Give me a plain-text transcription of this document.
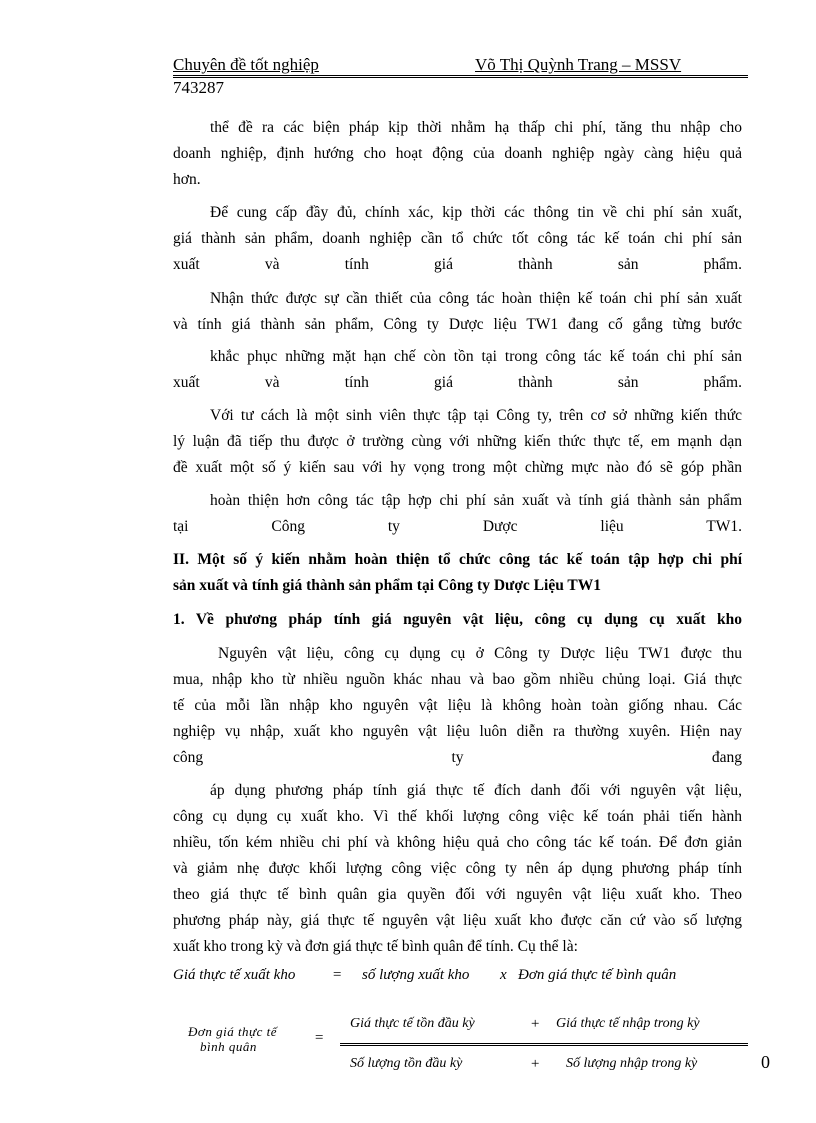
Chuyên đề tốt nghiệp	Võ Thị Quỳnh Trang – MSSV
743287
thể đề ra các biện pháp kịp thời nhằm hạ thấp chi phí, tăng thu nhập cho
doanh nghiệp, định hướng cho hoạt động của doanh nghiệp ngày càng hiệu quả
hơn.
Để cung cấp đầy đủ, chính xác, kịp thời các thông tin về chi phí sản xuất,
giá thành sản phẩm, doanh nghiệp cần tổ chức tốt công tác kế toán chi phí sản
xuất và tính giá thành sản phẩm.
Nhận thức được sự cần thiết của công tác hoàn thiện kế toán chi phí sản xuất
và tính giá thành sản phẩm, Công ty Dược liệu TW1 đang cố gắng từng bước
khắc phục những mặt hạn chế còn tồn tại trong công tác kế toán chi phí sản
xuất và tính giá thành sản phẩm.
Với tư cách là một sinh viên thực tập tại Công ty, trên cơ sở những kiến thức
lý luận đã tiếp thu được ở trường cùng với những kiến thức thực tế, em mạnh dạn
đề xuất một số ý kiến sau với hy vọng trong một chừng mực nào đó sẽ góp phần
hoàn thiện hơn công tác tập hợp chi phí sản xuất và tính giá thành sản phẩm
tại Công ty Dược liệu TW1.
II. Một số ý kiến nhằm hoàn thiện tổ chức công tác kế toán tập hợp chi phí
sản xuất và tính giá thành sản phẩm tại Công ty Dược Liệu TW1
1. Về phương pháp tính giá nguyên vật liệu, công cụ dụng cụ xuất kho
Nguyên vật liệu, công cụ dụng cụ ở Công ty Dược liệu TW1 được thu
mua, nhập kho từ nhiều nguồn khác nhau và bao gồm nhiều chủng loại. Giá thực
tế của mỗi lần nhập kho nguyên vật liệu là không hoàn toàn giống nhau. Các
nghiệp vụ nhập, xuất kho nguyên vật liệu luôn diễn ra thường xuyên. Hiện nay
công ty đang
áp dụng phương pháp tính giá thực tế đích danh đối với nguyên vật liệu,
công cụ dụng cụ xuất kho. Vì thế khối lượng công việc kế toán phải tiến hành
nhiều, tốn kém nhiều chi phí và không hiệu quả cho công tác kế toán. Để đơn giản
và giảm nhẹ được khối lượng công việc công ty nên áp dụng phương pháp tính
theo giá thực tế bình quân gia quyền đối với nguyên vật liệu xuất kho. Theo
phương pháp này, giá thực tế nguyên vật liệu xuất kho được căn cứ vào số lượng
xuất kho trong kỳ và đơn giá thực tế bình quân để tính. Cụ thể là:
Giá thực tế xuất kho = số lượng xuất kho x Đơn giá thực tế bình quân
Đơn giá thực tế
bình quân
=
Giá thực tế tồn đầu kỳ	+ Giá thực tế nhập trong kỳ
Số lượng tồn đầu kỳ	+ Số lượng nhập trong kỳ	0
